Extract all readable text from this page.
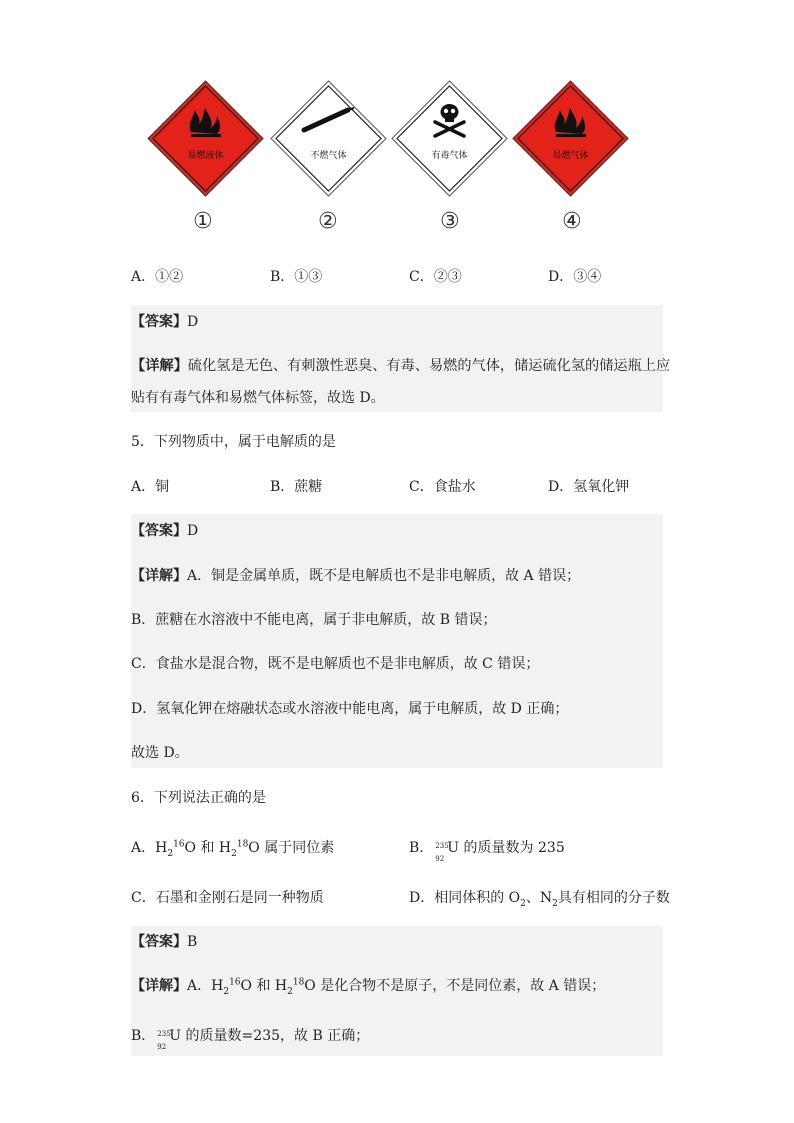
易燃液体	不燃气体	有毒气体	易燃气体
①	②	③	④
A．①②	B．①③	C．②③	D．③④
【答案】D
【详解】硫化氢是无色、有刺激性恶臭、有毒、易燃的气体，储运硫化氢的储运瓶上应
贴有有毒气体和易燃气体标签，故选 D。
5．下列物质中，属于电解质的是
A．铜	B．蔗糖	C．食盐水	D．氢氧化钾
【答案】D
【详解】A．铜是金属单质，既不是电解质也不是非电解质，故 A 错误；
B．蔗糖在水溶液中不能电离，属于非电解质，故 B 错误；
C．食盐水是混合物，既不是电解质也不是非电解质，故 C 错误；
D．氢氧化钾在熔融状态或水溶液中能电离，属于电解质，故 D 正确；
故选 D。
6．下列说法正确的是
A．$H_2^{16}O$ 和 $H_2^{18}O$ 属于同位素	B． 235
92
U 的质量数为 235
C．石墨和金刚石是同一种物质	D．相同体积的 $O_2$、$N_2$具有相同的分子数
【答案】B
【详解】A．$H_2^{16}O$ 和 $H_2^{18}O$ 是化合物不是原子，不是同位素，故 A 错误；
B． 235
92
U 的质量数=235，故 B 正确；
